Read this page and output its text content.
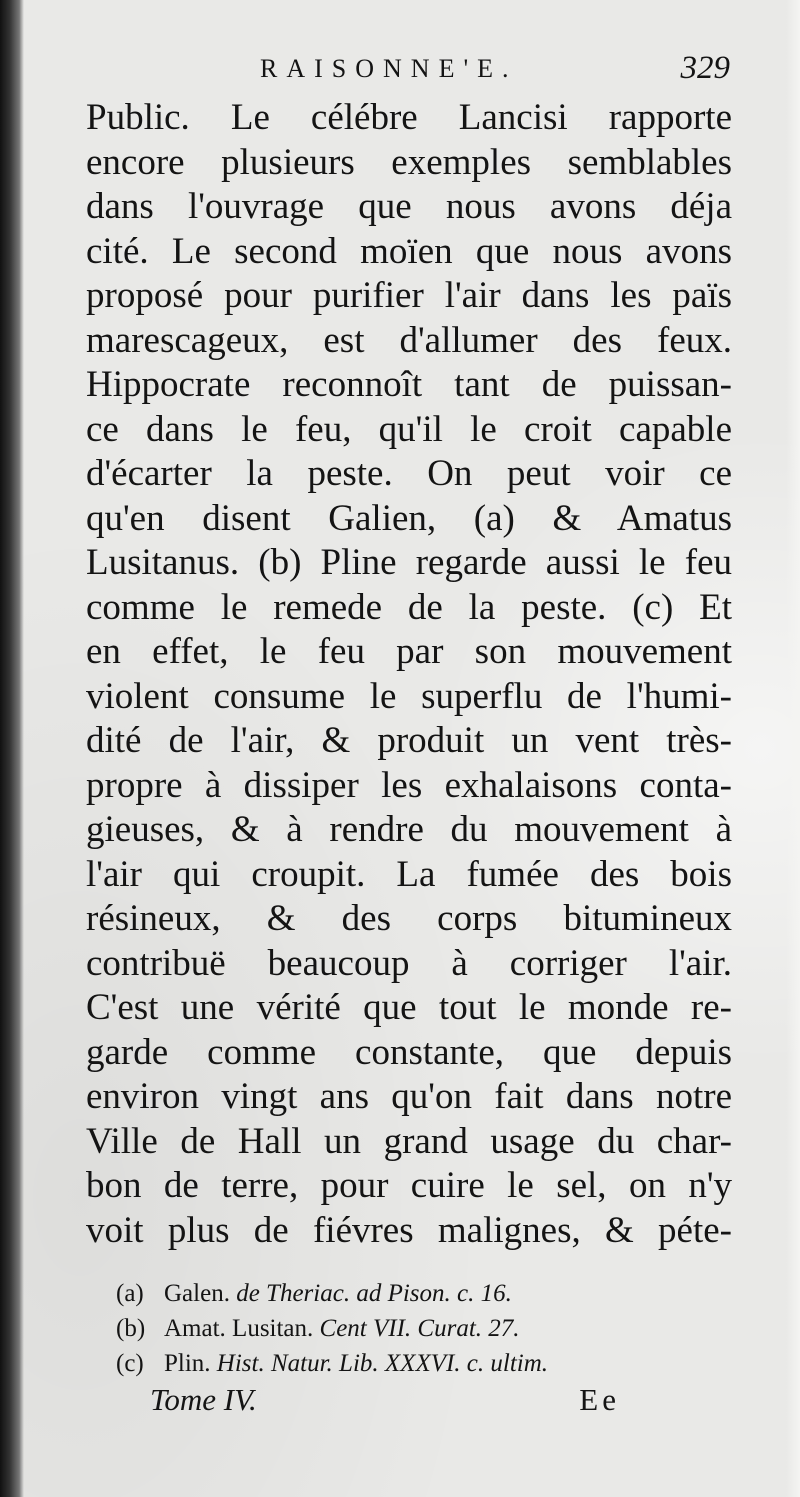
RAISONNE'E.	329
Public. Le célébre Lancisi rapporte
encore plusieurs exemples semblables
dans l'ouvrage que nous avons déja
cité. Le second moïen que nous avons
proposé pour purifier l'air dans les païs
marescageux, est d'allumer des feux.
Hippocrate reconnoît tant de puissan-
ce dans le feu, qu'il le croit capable
d'écarter la peste. On peut voir ce
qu'en disent Galien, (a) & Amatus
Lusitanus. (b) Pline regarde aussi le feu
comme le remede de la peste. (c) Et
en effet, le feu par son mouvement
violent consume le superflu de l'humi-
dité de l'air, & produit un vent très-
propre à dissiper les exhalaisons conta-
gieuses, & à rendre du mouvement à
l'air qui croupit. La fumée des bois
résineux, & des corps bitumineux
contribuë beaucoup à corriger l'air.
C'est une vérité que tout le monde re-
garde comme constante, que depuis
environ vingt ans qu'on fait dans notre
Ville de Hall un grand usage du char-
bon de terre, pour cuire le sel, on n'y
voit plus de fiévres malignes, & péte-
(a) Galen. de Theriac. ad Pison. c. 16.
(b) Amat. Lusitan. Cent VII. Curat. 27.
(c) Plin. Hist. Natur. Lib. XXXVI. c. ultim.
Tome IV.	Ee
